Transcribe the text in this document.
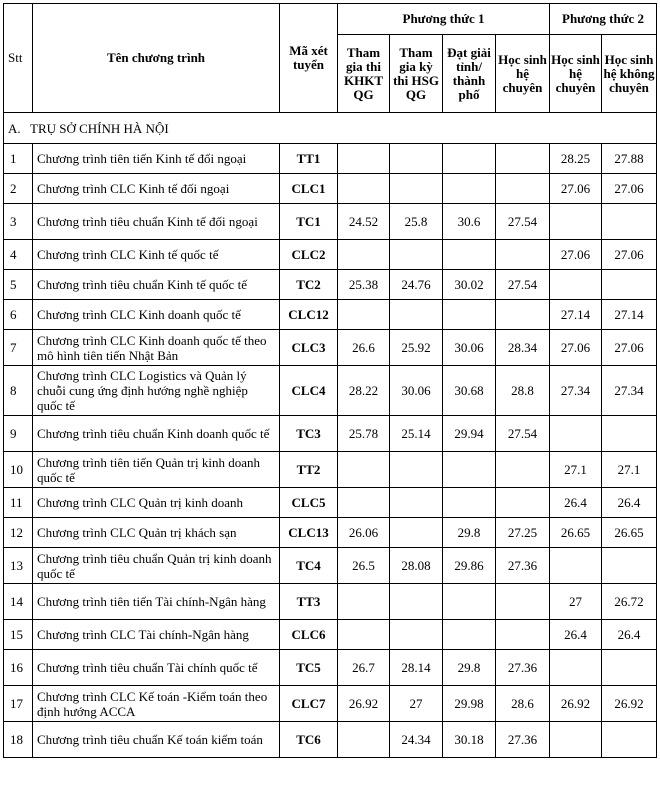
Stt	Tên chương trình	Mã xét tuyển	Phương thức 1				Phương thức 2	
			Tham gia thi KHKT QG	Tham gia kỳ thi HSG QG	Đạt giải tỉnh/ thành phố	Học sinh hệ chuyên	Học sinh hệ chuyên	Học sinh hệ không chuyên
A. TRỤ SỞ CHÍNH HÀ NỘI								
1	Chương trình tiên tiến Kinh tế đối ngoại	TT1					28.25	27.88
2	Chương trình CLC Kinh tế đối ngoại	CLC1					27.06	27.06
3	Chương trình tiêu chuẩn Kinh tế đối ngoại	TC1	24.52	25.8	30.6	27.54		
4	Chương trình CLC Kinh tế quốc tế	CLC2					27.06	27.06
5	Chương trình tiêu chuẩn Kinh tế quốc tế	TC2	25.38	24.76	30.02	27.54		
6	Chương trình CLC Kinh doanh quốc tế	CLC12					27.14	27.14
7	Chương trình CLC Kinh doanh quốc tế theo mô hình tiên tiến Nhật Bản	CLC3	26.6	25.92	30.06	28.34	27.06	27.06
8	Chương trình CLC Logistics và Quản lý chuỗi cung ứng định hướng nghề nghiệp quốc tế	CLC4	28.22	30.06	30.68	28.8	27.34	27.34
9	Chương trình tiêu chuẩn Kinh doanh quốc tế	TC3	25.78	25.14	29.94	27.54		
10	Chương trình tiên tiến Quản trị kinh doanh quốc tế	TT2					27.1	27.1
11	Chương trình CLC Quản trị kinh doanh	CLC5					26.4	26.4
12	Chương trình CLC Quản trị khách sạn	CLC13	26.06		29.8	27.25	26.65	26.65
13	Chương trình tiêu chuẩn Quản trị kinh doanh quốc tế	TC4	26.5	28.08	29.86	27.36		
14	Chương trình tiên tiến Tài chính-Ngân hàng	TT3					27	26.72
15	Chương trình CLC Tài chính-Ngân hàng	CLC6					26.4	26.4
16	Chương trình tiêu chuẩn Tài chính quốc tế	TC5	26.7	28.14	29.8	27.36		
17	Chương trình CLC Kế toán -Kiểm toán theo định hướng ACCA	CLC7	26.92	27	29.98	28.6	26.92	26.92
18	Chương trình tiêu chuẩn Kế toán kiểm toán	TC6		24.34	30.18	27.36		
